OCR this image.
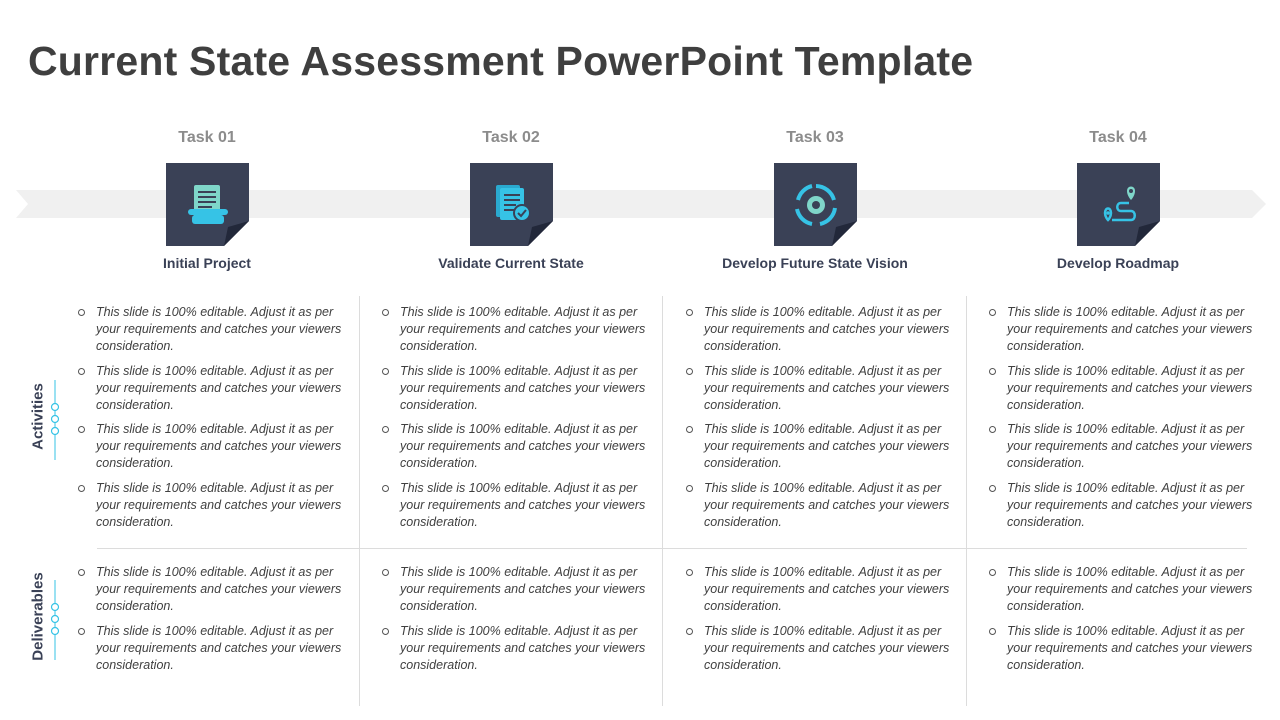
Current State Assessment PowerPoint Template
Task 01
Initial Project
Task 02
Validate Current State
Task 03
Develop Future State Vision
Task 04
Develop Roadmap
Activities
Deliverables
This slide is 100% editable. Adjust it as per your requirements and catches your viewers consideration.
This slide is 100% editable. Adjust it as per your requirements and catches your viewers consideration.
This slide is 100% editable. Adjust it as per your requirements and catches your viewers consideration.
This slide is 100% editable. Adjust it as per your requirements and catches your viewers consideration.
This slide is 100% editable. Adjust it as per your requirements and catches your viewers consideration.
This slide is 100% editable. Adjust it as per your requirements and catches your viewers consideration.
This slide is 100% editable. Adjust it as per your requirements and catches your viewers consideration.
This slide is 100% editable. Adjust it as per your requirements and catches your viewers consideration.
This slide is 100% editable. Adjust it as per your requirements and catches your viewers consideration.
This slide is 100% editable. Adjust it as per your requirements and catches your viewers consideration.
This slide is 100% editable. Adjust it as per your requirements and catches your viewers consideration.
This slide is 100% editable. Adjust it as per your requirements and catches your viewers consideration.
This slide is 100% editable. Adjust it as per your requirements and catches your viewers consideration.
This slide is 100% editable. Adjust it as per your requirements and catches your viewers consideration.
This slide is 100% editable. Adjust it as per your requirements and catches your viewers consideration.
This slide is 100% editable. Adjust it as per your requirements and catches your viewers consideration.
This slide is 100% editable. Adjust it as per your requirements and catches your viewers consideration.
This slide is 100% editable. Adjust it as per your requirements and catches your viewers consideration.
This slide is 100% editable. Adjust it as per your requirements and catches your viewers consideration.
This slide is 100% editable. Adjust it as per your requirements and catches your viewers consideration.
This slide is 100% editable. Adjust it as per your requirements and catches your viewers consideration.
This slide is 100% editable. Adjust it as per your requirements and catches your viewers consideration.
This slide is 100% editable. Adjust it as per your requirements and catches your viewers consideration.
This slide is 100% editable. Adjust it as per your requirements and catches your viewers consideration.
